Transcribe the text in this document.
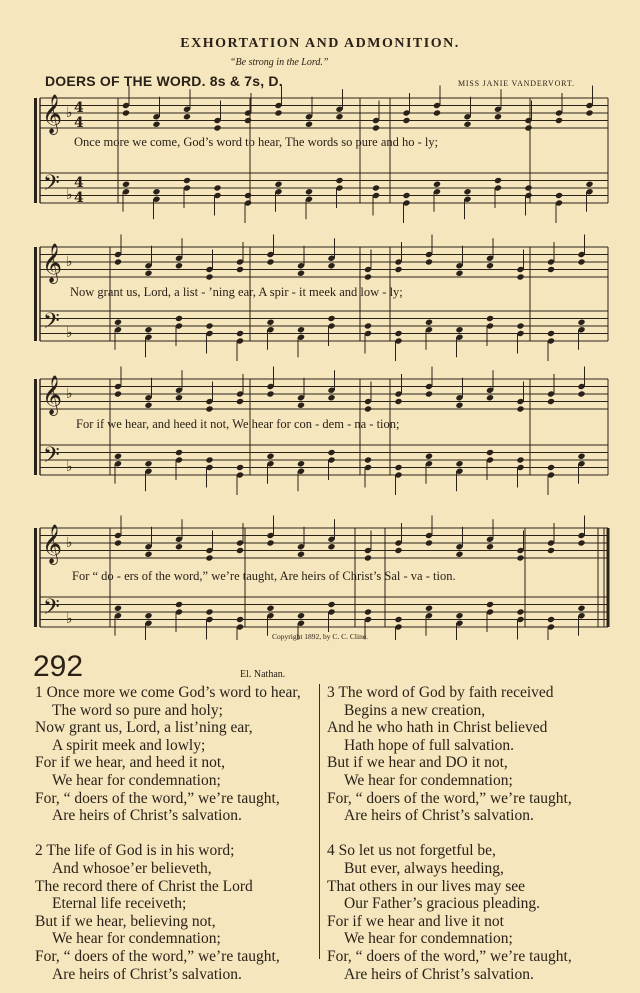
EXHORTATION AND ADMONITION.
“Be strong in the Lord.”
DOERS OF THE WORD. 8s & 7s, D.	MISS JANIE VANDERVORT.
𝄞
𝄢
♭
♭
4
4
4
4
𝄞
𝄢
♭
♭
𝄞
𝄢
♭
♭
𝄞
𝄢
♭
♭
Once more we come, God’s word to hear, The words so pure and ho - ly;
Now grant us, Lord, a list - ’ning ear, A spir - it meek and low - ly;
For if we hear, and heed it not, We hear for con - dem - na - tion;
For “ do - ers of the word,” we’re taught, Are heirs of Christ’s Sal - va - tion.
Copyright 1892, by C. C. Cline.
292	El. Nathan.
1 Once more we come God’s word to hear,
The word so pure and holy;
Now grant us, Lord, a list’ning ear,
A spirit meek and lowly;
For if we hear, and heed it not,
We hear for condemnation;
For, “ doers of the word,” we’re taught,
Are heirs of Christ’s salvation.

2 The life of God is in his word;
And whosoe’er believeth,
The record there of Christ the Lord
Eternal life receiveth;
But if we hear, believing not,
We hear for condemnation;
For, “ doers of the word,” we’re taught,
Are heirs of Christ’s salvation.
3 The word of God by faith received
Begins a new creation,
And he who hath in Christ believed
Hath hope of full salvation.
But if we hear and DO it not,
We hear for condemnation;
For, “ doers of the word,” we’re taught,
Are heirs of Christ’s salvation.

4 So let us not forgetful be,
But ever, always heeding,
That others in our lives may see
Our Father’s gracious pleading.
For if we hear and live it not
We hear for condemnation;
For, “ doers of the word,” we’re taught,
Are heirs of Christ’s salvation.
